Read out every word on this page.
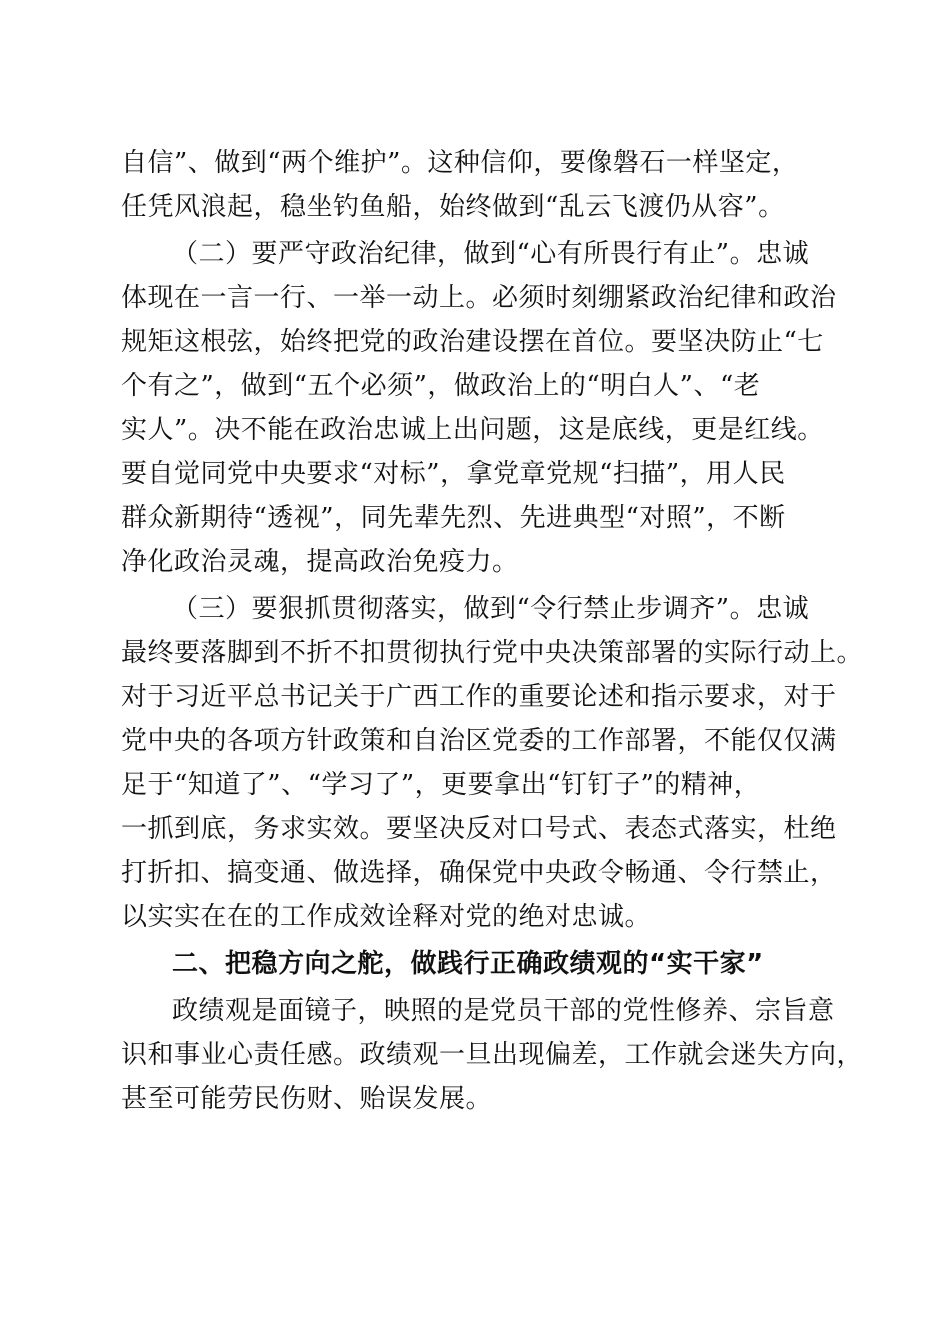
自信”、做到“两个维护”。这种信仰，要像磐石一样坚定，
任凭风浪起，稳坐钓鱼船，始终做到“乱云飞渡仍从容”。
（二）要严守政治纪律，做到“心有所畏行有止”。忠诚
体现在一言一行、一举一动上。必须时刻绷紧政治纪律和政治
规矩这根弦，始终把党的政治建设摆在首位。要坚决防止“七
个有之”，做到“五个必须”，做政治上的“明白人”、“老
实人”。决不能在政治忠诚上出问题，这是底线，更是红线。
要自觉同党中央要求“对标”，拿党章党规“扫描”，用人民
群众新期待“透视”，同先辈先烈、先进典型“对照”，不断
净化政治灵魂，提高政治免疫力。
（三）要狠抓贯彻落实，做到“令行禁止步调齐”。忠诚
最终要落脚到不折不扣贯彻执行党中央决策部署的实际行动上。
对于习近平总书记关于广西工作的重要论述和指示要求，对于
党中央的各项方针政策和自治区党委的工作部署，不能仅仅满
足于“知道了”、“学习了”，更要拿出“钉钉子”的精神，
一抓到底，务求实效。要坚决反对口号式、表态式落实，杜绝
打折扣、搞变通、做选择，确保党中央政令畅通、令行禁止，
以实实在在的工作成效诠释对党的绝对忠诚。
二、把稳方向之舵，做践行正确政绩观的“实干家”
政绩观是面镜子，映照的是党员干部的党性修养、宗旨意
识和事业心责任感。政绩观一旦出现偏差，工作就会迷失方向，
甚至可能劳民伤财、贻误发展。
